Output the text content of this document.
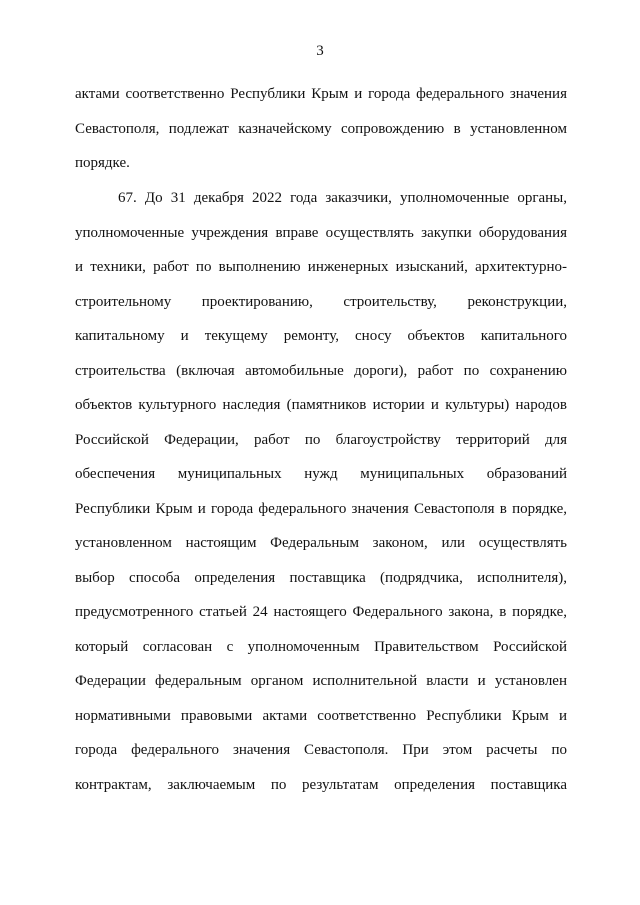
3
актами соответственно Республики Крым и города федерального значения
Севастополя, подлежат казначейскому сопровождению в установленном
порядке.
67. До 31 декабря 2022 года заказчики, уполномоченные органы,
уполномоченные учреждения вправе осуществлять закупки оборудования
и техники, работ по выполнению инженерных изысканий, архитектурно-
строительному проектированию, строительству, реконструкции,
капитальному и текущему ремонту, сносу объектов капитального
строительства (включая автомобильные дороги), работ по сохранению
объектов культурного наследия (памятников истории и культуры) народов
Российской Федерации, работ по благоустройству территорий для
обеспечения муниципальных нужд муниципальных образований
Республики Крым и города федерального значения Севастополя в порядке,
установленном настоящим Федеральным законом, или осуществлять
выбор способа определения поставщика (подрядчика, исполнителя),
предусмотренного статьей 24 настоящего Федерального закона, в порядке,
который согласован с уполномоченным Правительством Российской
Федерации федеральным органом исполнительной власти и установлен
нормативными правовыми актами соответственно Республики Крым и
города федерального значения Севастополя. При этом расчеты по
контрактам, заключаемым по результатам определения поставщика
